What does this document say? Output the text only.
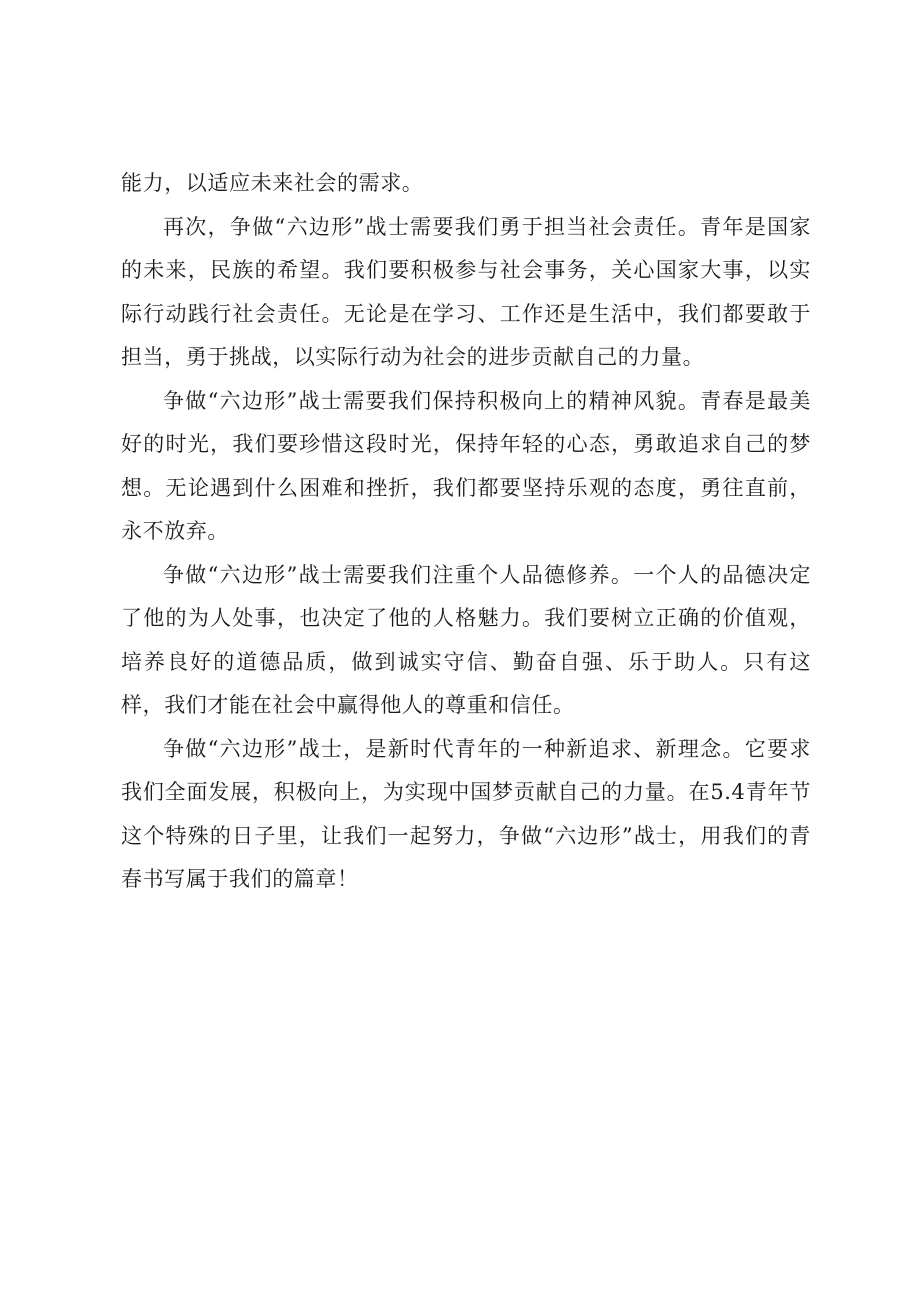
能力，以适应未来社会的需求。

再次，争做“六边形”战士需要我们勇于担当社会责任。青年是国家的未来，民族的希望。我们要积极参与社会事务，关心国家大事，以实际行动践行社会责任。无论是在学习、工作还是生活中，我们都要敢于担当，勇于挑战，以实际行动为社会的进步贡献自己的力量。

争做“六边形”战士需要我们保持积极向上的精神风貌。青春是最美好的时光，我们要珍惜这段时光，保持年轻的心态，勇敢追求自己的梦想。无论遇到什么困难和挫折，我们都要坚持乐观的态度，勇往直前，永不放弃。

争做“六边形”战士需要我们注重个人品德修养。一个人的品德决定了他的为人处事，也决定了他的人格魅力。我们要树立正确的价值观，培养良好的道德品质，做到诚实守信、勤奋自强、乐于助人。只有这样，我们才能在社会中赢得他人的尊重和信任。

争做“六边形”战士，是新时代青年的一种新追求、新理念。它要求我们全面发展，积极向上，为实现中国梦贡献自己的力量。在5.4青年节这个特殊的日子里，让我们一起努力，争做“六边形”战士，用我们的青春书写属于我们的篇章！
